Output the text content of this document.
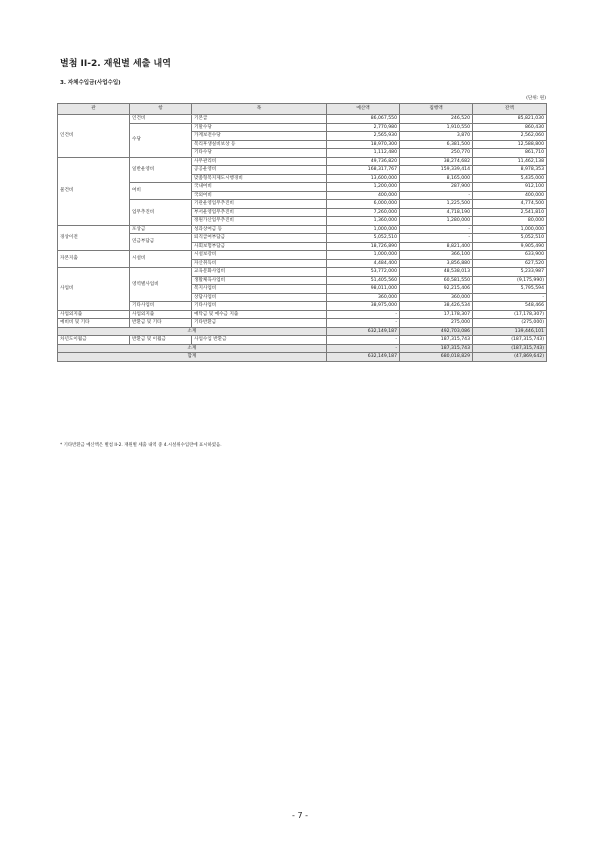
별첨 II-2. 재원별 세출 내역
3. 자체수입금(사업수입)
(단위: 원)
관	항	목	예산액	집행액	잔액
인건비	인건비	기본급	86,067,550	246,520	85,821,030
	수당	기말수당	2,770,980	1,910,550	860,430
		가계보전수당	2,565,930	3,870	2,562,060
		복리후생실비보상 등	18,970,300	6,381,500	12,588,800
		기타수당	1,112,480	250,770	861,710
물건비	일반운영비	사무관리비	49,736,820	38,274,682	11,462,138
		공공운영비	168,317,767	159,339,414	8,978,353
		맞춤형복지제도시행경비	13,600,000	8,165,000	5,435,000
	여비	국내여비	1,200,000	287,900	912,100
		국외여비	400,000	-	400,000
	업무추진비	기관운영업무추진비	6,000,000	1,225,500	4,774,500
		부서운영업무추진비	7,260,000	4,718,190	2,541,810
		정원가산업무추진비	1,360,000	1,280,000	80,000
경상이전	포상금	성과상여금 등	1,000,000	-	1,000,000
	연금부담금	퇴직급여부담금	5,052,510	-	5,052,510
		사회보험부담금	18,726,890	8,821,400	9,905,490
자본지출	시설비	시설보강비	1,000,000	366,100	633,900
		자산취득비	4,484,400	3,856,880	627,520
사업비	영역별사업비	교육문화사업비	53,772,000	48,538,013	5,233,987
		생활체육사업비	51,405,560	60,581,550	(9,175,990)
		복지사업비	98,011,000	92,215,406	5,795,594
		상담사업비	360,000	360,000	-
	기타사업비	기타사업비	38,975,000	38,426,534	548,466
사업외지출	사업외지출	예탁금 및 예수금 지출	-	17,178,307	(17,178,307)
예비비 및 기타	반환금 및 기타	기타반환금	-	275,000	(275,000)
소계			632,149,187	492,703,086	139,446,101
차년도이월금	반환금 및 이월금	사업수입 반환금	-	187,315,743	(187,315,743)
소계			-	187,315,743	(187,315,743)
합계			632,149,187	680,018,829	(47,869,642)
* 기타반환금 예산액은 별첨 II-2. 재원별 세출 내역 중 4.시설위수입란에 표시하였음.
- 7 -
